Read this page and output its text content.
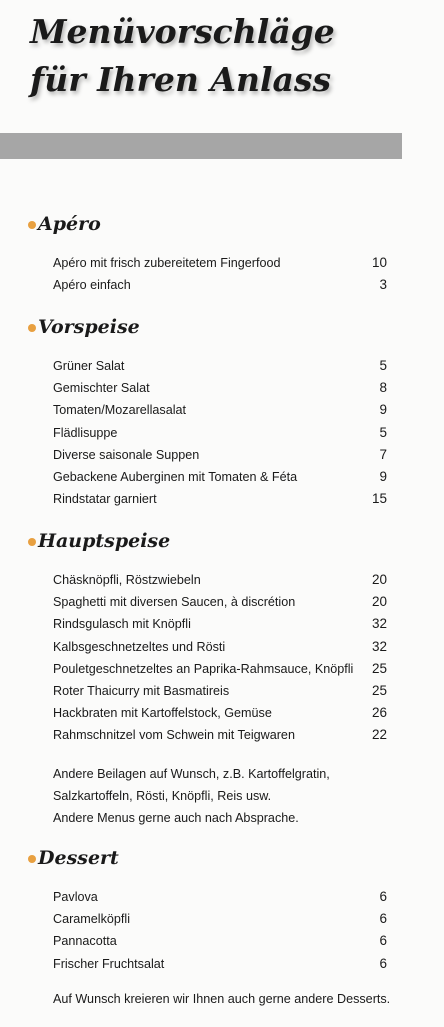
Menüvorschläge
für Ihren Anlass
Apéro
Apéro mit frisch zubereitetem Fingerfood	10
Apéro einfach	3
Vorspeise
Grüner Salat	5
Gemischter Salat	8
Tomaten/Mozarellasalat	9
Flädlisuppe	5
Diverse saisonale Suppen	7
Gebackene Auberginen mit Tomaten & Féta	9
Rindstatar garniert	15
Hauptspeise
Chäsknöpfli, Röstzwiebeln	20
Spaghetti mit diversen Saucen, à discrétion	20
Rindsgulasch mit Knöpfli	32
Kalbsgeschnetzeltes und Rösti	32
Pouletgeschnetzeltes an Paprika-Rahmsauce, Knöpfli 25
Roter Thaicurry mit Basmatireis	25
Hackbraten mit Kartoffelstock, Gemüse	26
Rahmschnitzel vom Schwein mit Teigwaren	22
Andere Beilagen auf Wunsch, z.B. Kartoffelgratin,
Salzkartoffeln, Rösti, Knöpfli, Reis usw.
Andere Menus gerne auch nach Absprache.
Dessert
Pavlova	6
Caramelköpfli	6
Pannacotta	6
Frischer Fruchtsalat	6
Auf Wunsch kreieren wir Ihnen auch gerne andere Desserts.
